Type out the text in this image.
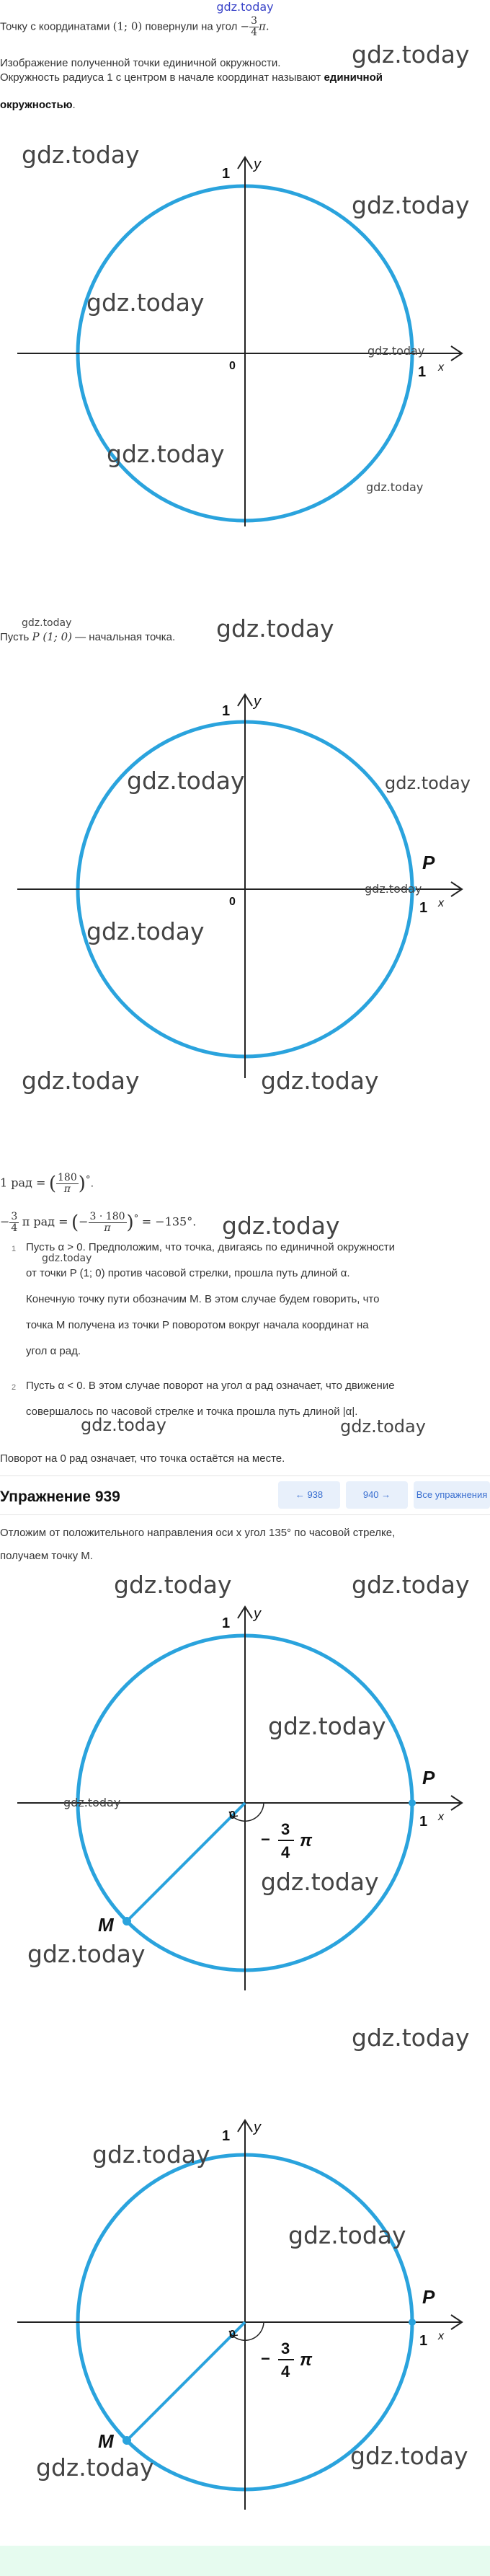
gdz.today
Точку с координатами (1; 0) повернули на угол − $\frac{3}{4} \pi$.
Изображение полученной точки единичной окружности.
Окружность радиуса 1 с центром в начале координат называют единичной
окружностью.
gdz.today
1
y
0	1 x
gdz.today
gdz.today
gdz.today
gdz.today
gdz.today
gdz.today
gdz.today
Пусть P (1; 0) — начальная точка. gdz.today
1
y
0
P
1 x
gdz.today	gdz.today
gdz.today
gdz.today
gdz.today	gdz.today
1 рад = ( $\frac{180}{\pi} )^\circ$.
− $\frac{3}{4}$ π рад = (− $\frac{3 \cdot 180}{\pi} )^\circ = -135^\circ$. gdz.today
1 Пусть α > 0. Предположим, что точка, двигаясь по единичной окружности
от точки P (1; 0) против часовой стрелки, прошла путь длиной α.
Конечную точку пути обозначим M. В этом случае будем говорить, что
точка M получена из точки P поворотом вокруг начала координат на
угол α рад.
gdz.today
2 Пусть α < 0. В этом случае поворот на угол α рад означает, что движение
совершалось по часовой стрелке и точка прошла путь длиной |α|.
gdz.today	gdz.today
Поворот на 0 рад означает, что точка остаётся на месте.
Упражнение 939	← 938	940 →	Все упражнения
Отложим от положительного направления оси x угол 135° по часовой стрелке,
получаем точку M.
gdz.today	gdz.today
1
y
0
P
1 x
M
−
3
4
π
gdz.today
gdz.today
gdz.today
gdz.today
gdz.today
1
y
0
P
1 x
M
−
3
4
π
gdz.today
gdz.today
gdz.today	gdz.today
